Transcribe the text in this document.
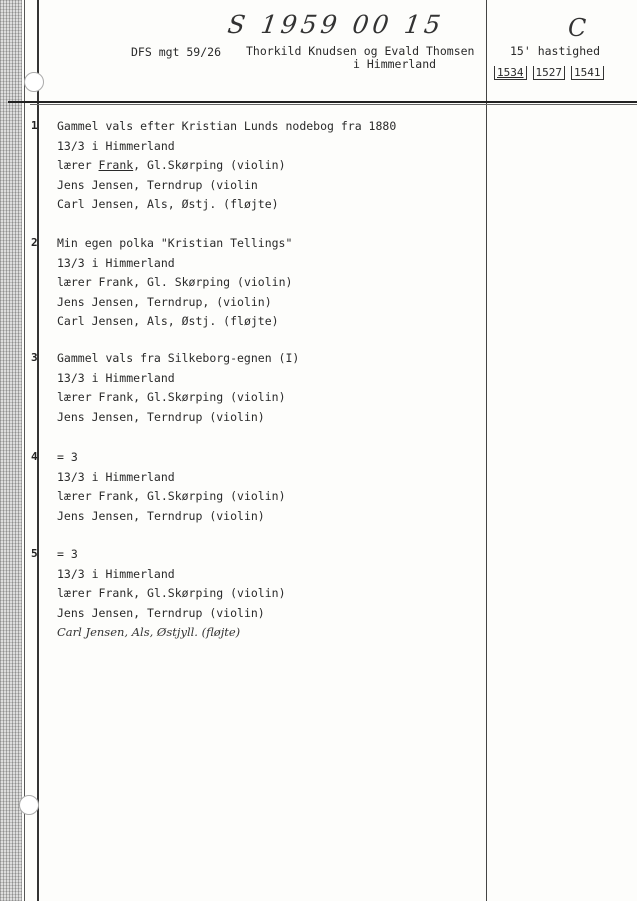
S 1959 00 15	C
DFS mgt 59/26 Thorkild Knudsen og Evald Thomsen
i Himmerland
15' hastighed
1534 1527 1541
1 Gammel vals efter Kristian Lunds nodebog fra 1880
13/3 i Himmerland
lærer Frank, Gl.Skørping (violin)
Jens Jensen, Terndrup (violin
Carl Jensen, Als, Østj. (fløjte)
2 Min egen polka "Kristian Tellings"
13/3 i Himmerland
lærer Frank, Gl. Skørping (violin)
Jens Jensen, Terndrup, (violin)
Carl Jensen, Als, Østj. (fløjte)
3 Gammel vals fra Silkeborg-egnen (I)
13/3 i Himmerland
lærer Frank, Gl.Skørping (violin)
Jens Jensen, Terndrup (violin)
4 = 3
13/3 i Himmerland
lærer Frank, Gl.Skørping (violin)
Jens Jensen, Terndrup (violin)
5 = 3
13/3 i Himmerland
lærer Frank, Gl.Skørping (violin)
Jens Jensen, Terndrup (violin)
Carl Jensen, Als, Østjyll. (fløjte)
